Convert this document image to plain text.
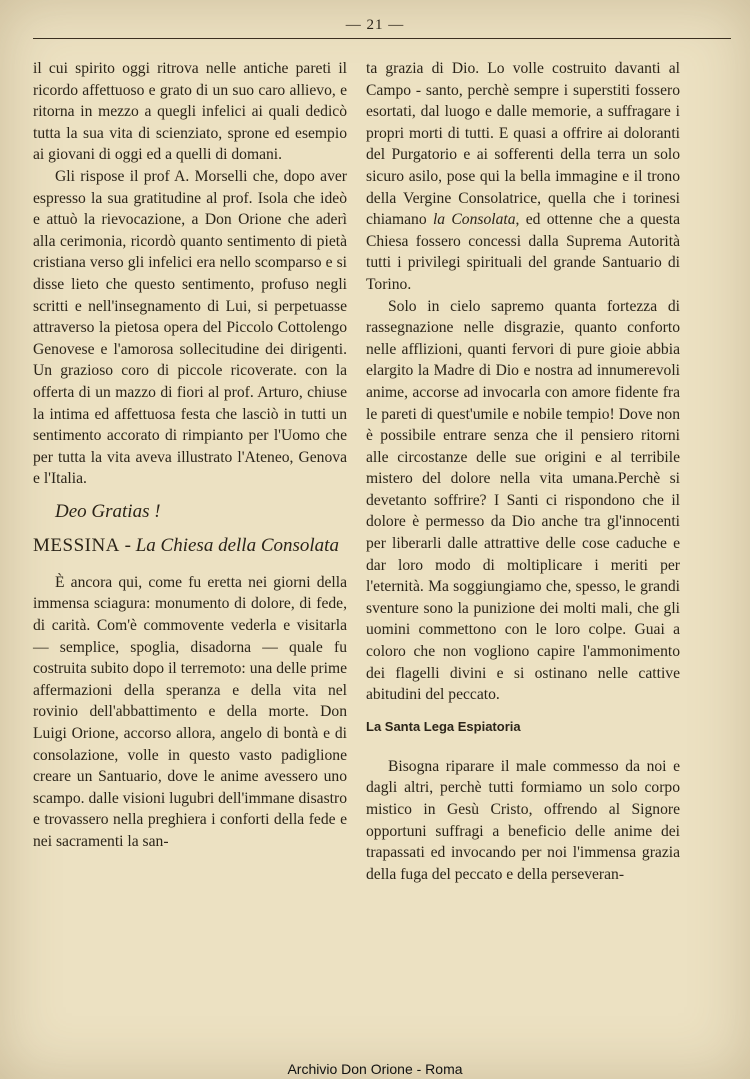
— 21 —

il cui spirito oggi ritrova nelle antiche pareti il ricordo affettuoso e grato di un suo caro allievo, e ritorna in mezzo a quegli infelici ai quali dedicò tutta la sua vita di scienziato, sprone ed esempio ai giovani di oggi ed a quelli di domani.

Gli rispose il prof A. Morselli che, dopo aver espresso la sua gratitudine al prof. Isola che ideò e attuò la rievocazione, a Don Orione che aderì alla cerimonia, ricordò quanto sentimento di pietà cristiana verso gli infelici era nello scomparso e si disse lieto che questo sentimento, profuso negli scritti e nell'insegnamento di Lui, si perpetuasse attraverso la pietosa opera del Piccolo Cottolengo Genovese e l'amorosa sollecitudine dei dirigenti. Un grazioso coro di piccole ricoverate. con la offerta di un mazzo di fiori al prof. Arturo, chiuse la intima ed affettuosa festa che lasciò in tutti un sentimento accorato di rimpianto per l'Uomo che per tutta la vita aveva illustrato l'Ateneo, Genova e l'Italia.

Deo Gratias !
MESSINA - La Chiesa della Consolata

È ancora qui, come fu eretta nei giorni della immensa sciagura: monumento di dolore, di fede, di carità. Com'è commovente vederla e visitarla — semplice, spoglia, disadorna — quale fu costruita subito dopo il terremoto: una delle prime affermazioni della speranza e della vita nel rovinio dell'abbattimento e della morte. Don Luigi Orione, accorso allora, angelo di bontà e di consolazione, volle in questo vasto padiglione creare un Santuario, dove le anime avessero uno scampo. dalle visioni lugubri dell'immane disastro e trovassero nella preghiera i conforti della fede e nei sacramenti la san-

ta grazia di Dio. Lo volle costruito davanti al Campo - santo, perchè sempre i superstiti fossero esortati, dal luogo e dalle memorie, a suffragare i propri morti di tutti. E quasi a offrire ai doloranti del Purgatorio e ai sofferenti della terra un solo sicuro asilo, pose qui la bella immagine e il trono della Vergine Consolatrice, quella che i torinesi chiamano la Consolata, ed ottenne che a questa Chiesa fossero concessi dalla Suprema Autorità tutti i privilegi spirituali del grande Santuario di Torino.

Solo in cielo sapremo quanta fortezza di rassegnazione nelle disgrazie, quanto conforto nelle afflizioni, quanti fervori di pure gioie abbia elargito la Madre di Dio e nostra ad innumerevoli anime, accorse ad invocarla con amore fidente fra le pareti di quest'umile e nobile tempio! Dove non è possibile entrare senza che il pensiero ritorni alle circostanze delle sue origini e al terribile mistero del dolore nella vita umana.Perchè si devetanto soffrire? I Santi ci rispondono che il dolore è permesso da Dio anche tra gl'innocenti per liberarli dalle attrattive delle cose caduche e dar loro modo di moltiplicare i meriti per l'eternità. Ma soggiungiamo che, spesso, le grandi sventure sono la punizione dei molti mali, che gli uomini commettono con le loro colpe. Guai a coloro che non vogliono capire l'ammonimento dei flagelli divini e si ostinano nelle cattive abitudini del peccato.

La Santa Lega Espiatoria

Bisogna riparare il male commesso da noi e dagli altri, perchè tutti formiamo un solo corpo mistico in Gesù Cristo, offrendo al Signore opportuni suffragi a beneficio delle anime dei trapassati ed invocando per noi l'immensa grazia della fuga del peccato e della perseveran-

Archivio Don Orione - Roma
